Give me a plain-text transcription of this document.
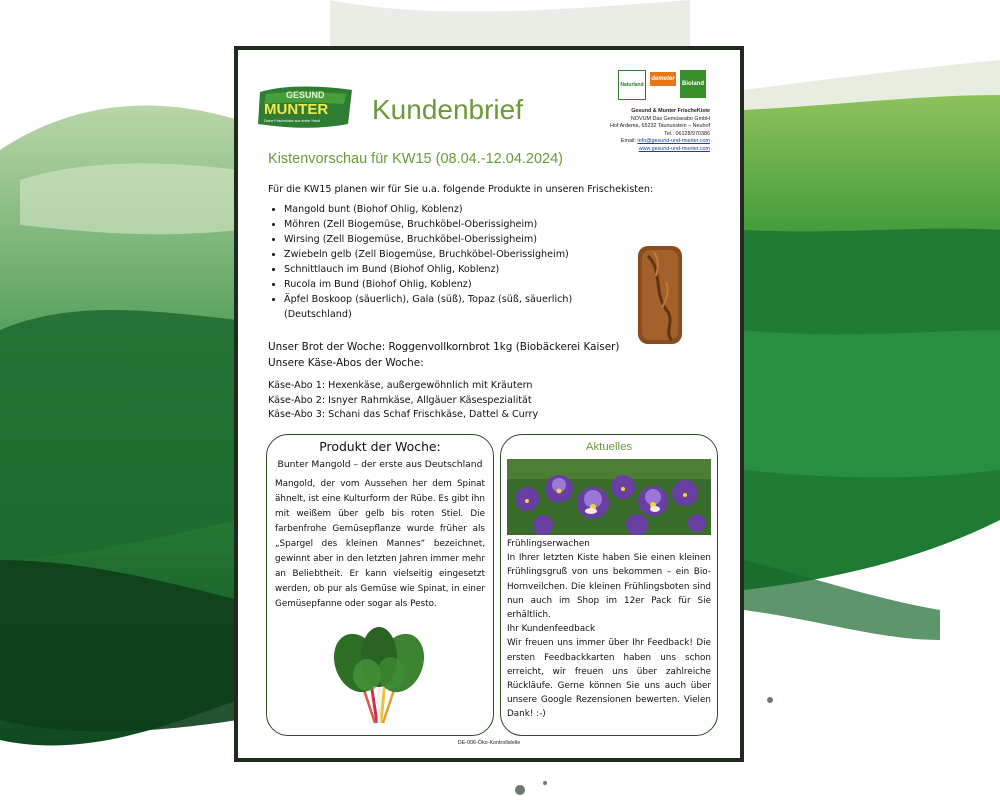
GESUND
MUNTER
Deine Frischekiste aus erster Hand Kundenbrief
Naturland
demeter
Bioland
Gesund & Munter FrischeKiste
NOVUM Das Gemüseabo GmbH
Hof Ardema, 65232 Taunusstein – Neuhof
Tel.: 06128/970386
Email: info@gesund-und-munter.com
www.gesund-und-munter.com
Kistenvorschau für KW15 (08.04.-12.04.2024)
Für die KW15 planen wir für Sie u.a. folgende Produkte in unseren Frischekisten:
• Mangold bunt (Biohof Ohlig, Koblenz)
• Möhren (Zell Biogemüse, Bruchköbel-Oberissigheim)
• Wirsing (Zell Biogemüse, Bruchköbel-Oberissigheim)
• Zwiebeln gelb (Zell Biogemüse, Bruchköbel-Oberissigheim)
• Schnittlauch im Bund (Biohof Ohlig, Koblenz)
• Rucola im Bund (Biohof Ohlig, Koblenz)
• Äpfel Boskoop (säuerlich), Gala (süß), Topaz (süß, säuerlich) (Deutschland)
Unser Brot der Woche: Roggenvollkornbrot 1kg (Biobäckerei Kaiser)
Unsere Käse-Abos der Woche:
Käse-Abo 1: Hexenkäse, außergewöhnlich mit Kräutern
Käse-Abo 2: Isnyer Rahmkäse, Allgäuer Käsespezialität
Käse-Abo 3: Schani das Schaf Frischkäse, Dattel & Curry
Produkt der Woche:
Bunter Mangold – der erste aus Deutschland
Mangold, der vom Aussehen her dem Spinat ähnelt, ist eine Kulturform der Rübe. Es gibt ihn mit weißem über gelb bis roten Stiel. Die farbenfrohe Gemüsepflanze wurde früher als „Spargel des kleinen Mannes“ bezeichnet, gewinnt aber in den letzten Jahren immer mehr an Beliebtheit. Er kann vielseitig eingesetzt werden, ob pur als Gemüse wie Spinat, in einer Gemüsepfanne oder sogar als Pesto.
Aktuelles
Frühlingserwachen
In Ihrer letzten Kiste haben Sie einen kleinen Frühlingsgruß von uns bekommen – ein Bio-Hornveilchen. Die kleinen Frühlingsboten sind nun auch im Shop im 12er Pack für Sie erhältlich.
Ihr Kundenfeedback
Wir freuen uns immer über Ihr Feedback! Die ersten Feedbackkarten haben uns schon erreicht, wir freuen uns über zahlreiche Rückläufe. Gerne können Sie uns auch über unsere Google Rezensionen bewerten. Vielen Dank! :-)
DE-006-Öko-Kontrollstelle
